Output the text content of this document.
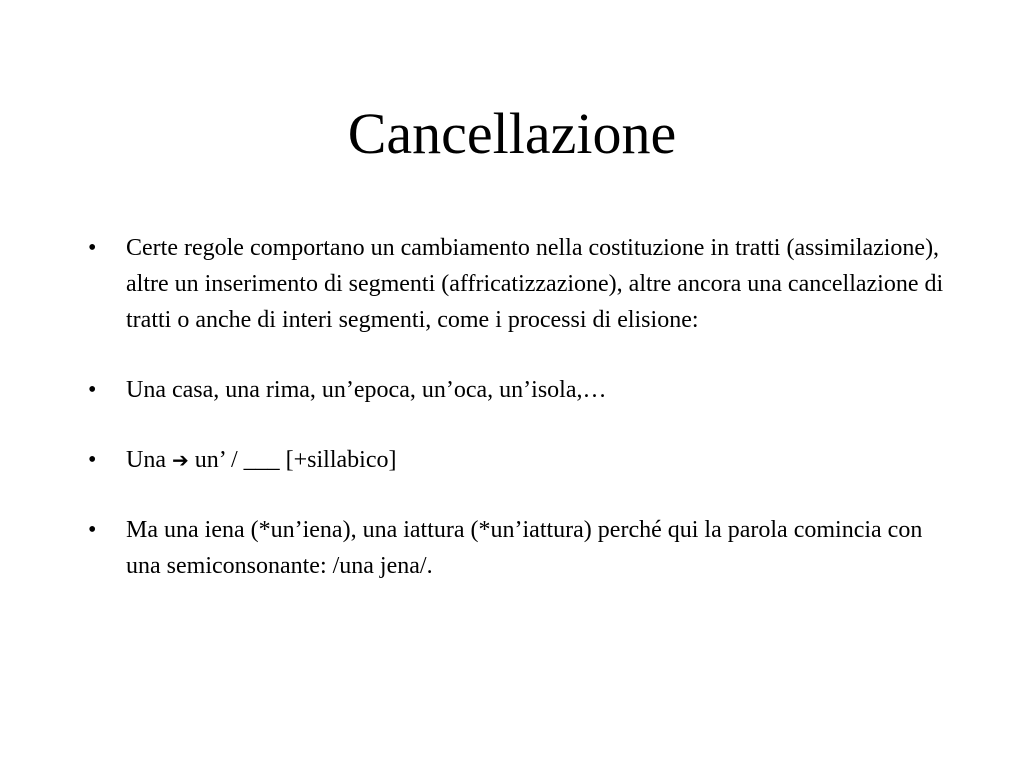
Cancellazione
•	Certe regole comportano un cambiamento nella costituzione in tratti (assimilazione), altre un inserimento di segmenti (affricatizzazione), altre ancora una cancellazione di tratti o anche di interi segmenti, come i processi di elisione:
•	Una casa, una rima, un’epoca, un’oca, un’isola,…
•	Una ➔ un’ / ___ [+sillabico]
•	Ma una iena (*un’iena), una iattura (*un’iattura) perché qui la parola comincia con una semiconsonante: /una jena/.
